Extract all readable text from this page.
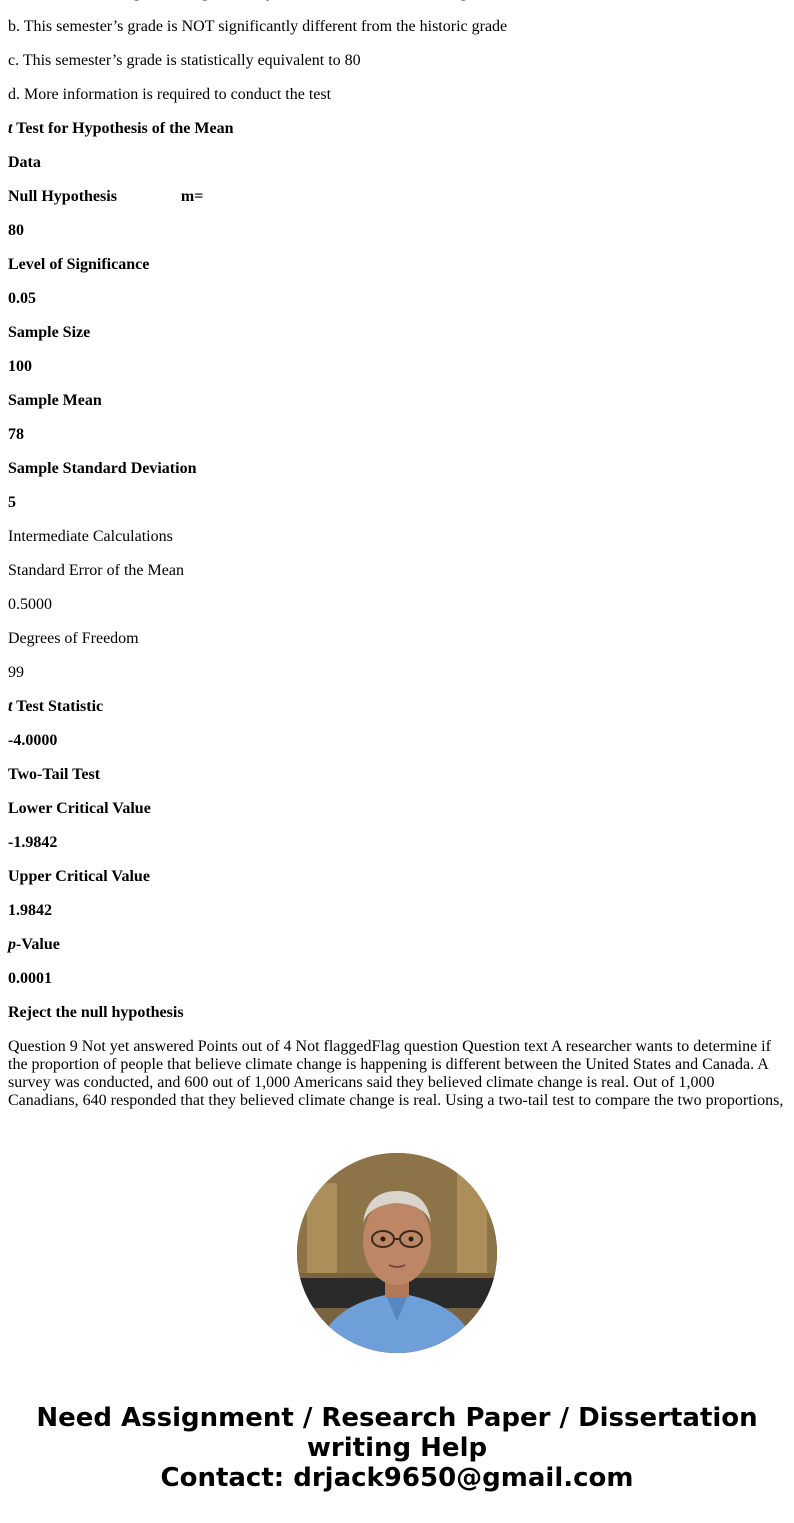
b. This semester’s grade is NOT significantly different from the historic grade

c. This semester’s grade is statistically equivalent to 80

d. More information is required to conduct the test

t Test for Hypothesis of the Mean

Data

Null Hypothesis	m=

80

Level of Significance

0.05

Sample Size

100

Sample Mean

78

Sample Standard Deviation

5

Intermediate Calculations

Standard Error of the Mean

0.5000

Degrees of Freedom

99

t Test Statistic

-4.0000

Two-Tail Test

Lower Critical Value

-1.9842

Upper Critical Value

1.9842

p-Value

0.0001

Reject the null hypothesis

Question 9 Not yet answered Points out of 4 Not flaggedFlag question Question text A researcher wants to determine if the proportion of people that believe climate change is happening is different between the United States and Canada. A survey was conducted, and 600 out of 1,000 Americans said they believed climate change is real. Out of 1,000 Canadians, 640 responded that they believed climate change is real. Using a two-tail test to compare the two proportions,

Need Assignment / Research Paper / Dissertation writing Help
Contact: drjack9650@gmail.com
